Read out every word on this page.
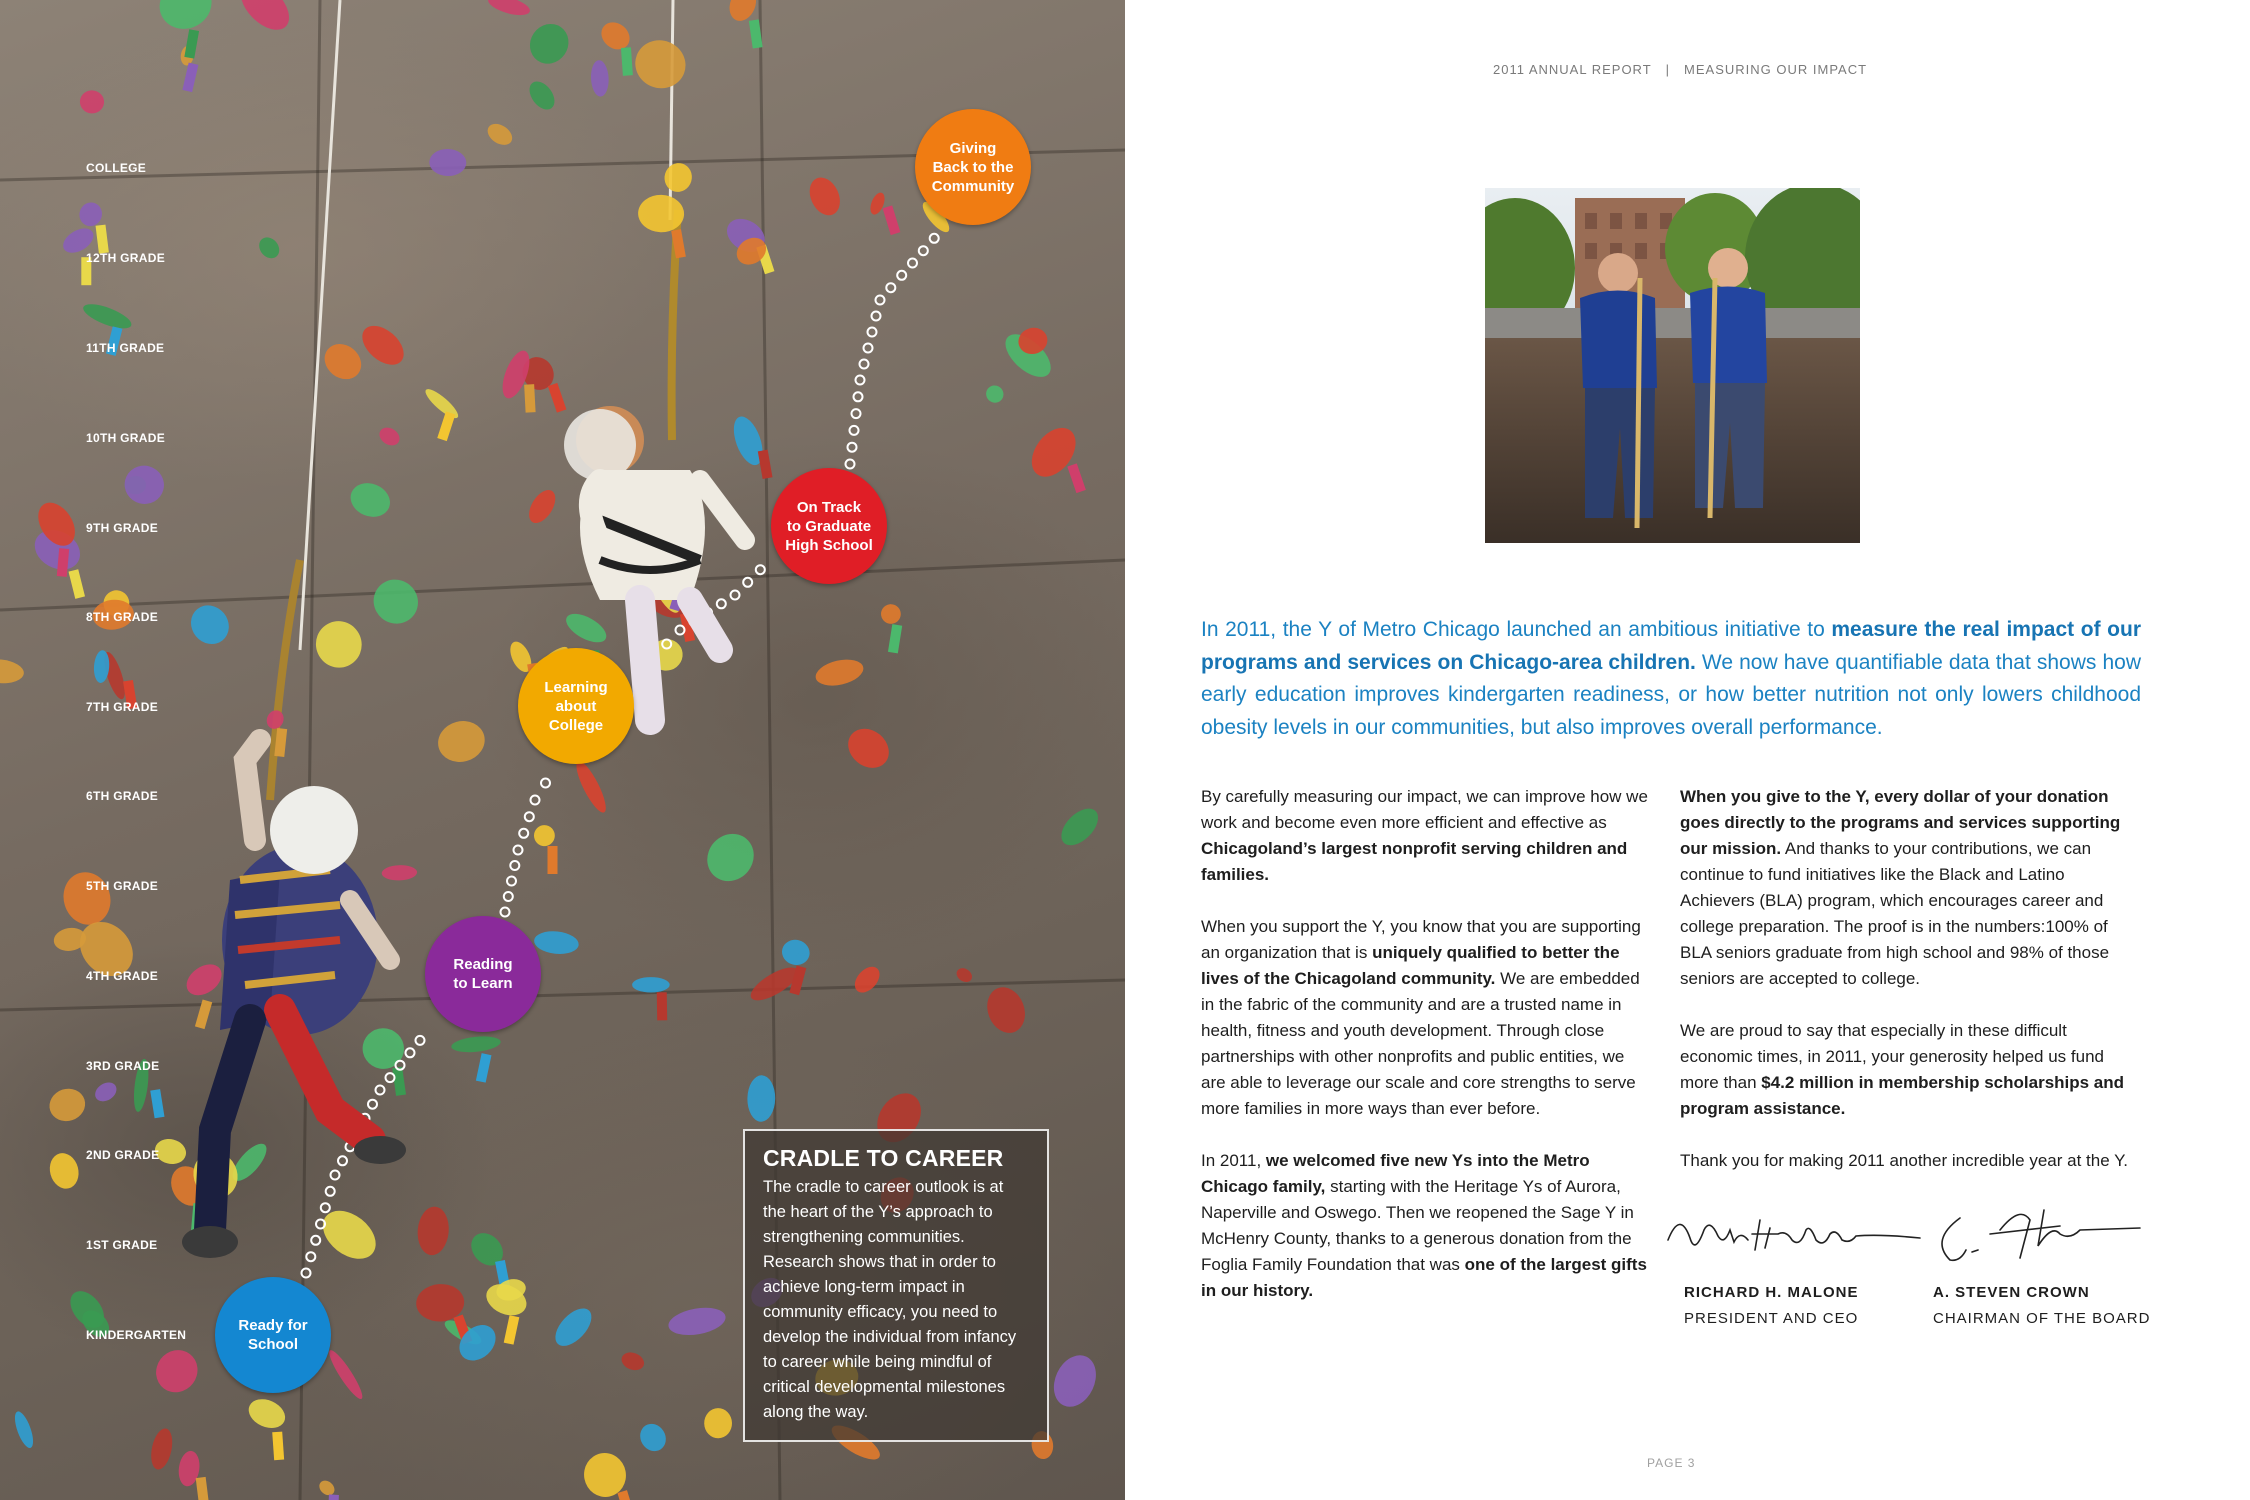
COLLEGE
12TH GRADE
11TH GRADE
10TH GRADE
9TH GRADE
8TH GRADE
7TH GRADE
6TH GRADE
5TH GRADE
4TH GRADE
3RD GRADE
2ND GRADE
1ST GRADE
KINDERGARTEN
Ready for
School
Reading
to Learn
Learning
about
College
On Track
to Graduate
High School
Giving
Back to the
Community
CRADLE TO CAREER

The cradle to career outlook is at the heart of the Y’s approach to strengthening communities. Research shows that in order to achieve long-term impact in community efficacy, you need to develop the individual from infancy to career while being mindful of critical developmental milestones along the way.

2011 ANNUAL REPORT | MEASURING OUR IMPACT
In 2011, the Y of Metro Chicago launched an ambitious initiative to measure the real impact of our programs and services on Chicago-area children. We now have quantifiable data that shows how early education improves kindergarten readiness, or how better nutrition not only lowers childhood obesity levels in our communities, but also improves overall performance.

By carefully measuring our impact, we can improve how we work and become even more efficient and effective as Chicagoland’s largest nonprofit serving children and families.

When you support the Y, you know that you are supporting an organization that is uniquely qualified to better the lives of the Chicagoland community. We are embedded in the fabric of the community and are a trusted name in health, fitness and youth development. Through close partnerships with other nonprofits and public entities, we are able to leverage our scale and core strengths to serve more families in more ways than ever before.

In 2011, we welcomed five new Ys into the Metro Chicago family, starting with the Heritage Ys of Aurora, Naperville and Oswego. Then we reopened the Sage Y in McHenry County, thanks to a generous donation from the Foglia Family Foundation that was one of the largest gifts in our history.

When you give to the Y, every dollar of your donation goes directly to the programs and services supporting our mission. And thanks to your contributions, we can continue to fund initiatives like the Black and Latino Achievers (BLA) program, which encourages career and college preparation. The proof is in the numbers:100% of BLA seniors graduate from high school and 98% of those seniors are accepted to college.

We are proud to say that especially in these difficult economic times, in 2011, your generosity helped us fund more than $4.2 million in membership scholarships and program assistance.

Thank you for making 2011 another incredible year at the Y.

RICHARD H. MALONE
PRESIDENT AND CEO
A. STEVEN CROWN
CHAIRMAN OF THE BOARD
PAGE 3
